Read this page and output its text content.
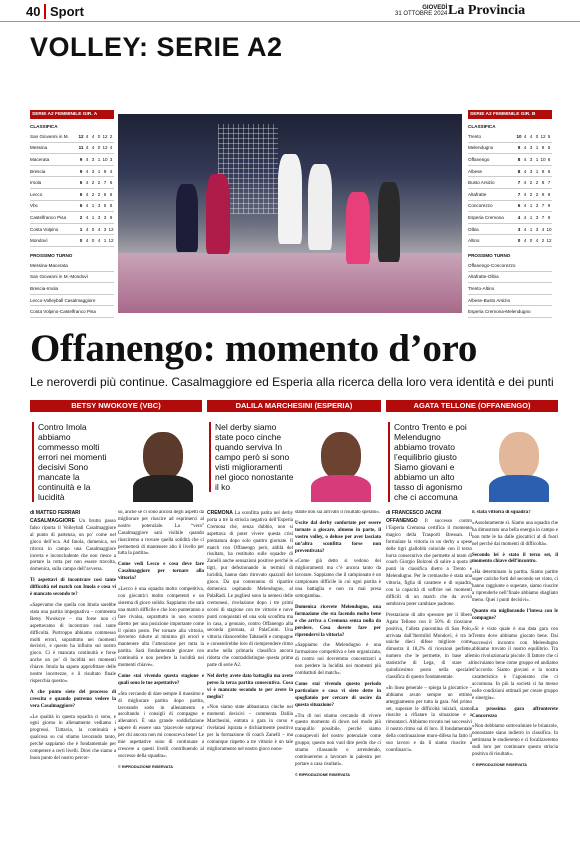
40 Sport	GIOVEDÌ
31 OTTOBRE 2024 La Provincia
VOLLEY: SERIE A2
SERIE A2 FEMMINILE GIR. A
CLASSIFICA
San Giovanni in M.	12 4 4 0 12 2
Messina	11 4 4 0 12 4
Macerata	9 4 3 1 10 3
Brescia	9 4 3 1 9 4
Imola	6 4 2 2 7 6
Lecco	6 4 2 2 6 6
Vbc	6 4 1 3 5 8
Castelfranco Pisa	2 4 1 3 3 9
Costa Volpino	1 4 0 4 3 12
Mondovì	0 4 0 4 1 12
PROSSIMO TURNO
Messina-Macerata
San Giovanni in M.-Mondovì
Brescia-Imola
Lecco-Volleyball Casalmaggiore
Costa Volpino-Castelfranco Pisa
SERIE A2 FEMMINILE GIR. B
CLASSIFICA
Trento	10 4 4 0 12 5
Melendugno	9 4 3 1 9 5
Offanengo	8 4 3 1 10 6
Albese	8 4 3 1 9 6
Busto Arsizio	7 4 2 2 8 7
Altafratte	7 4 2 2 9 8
Concorezzo	6 4 1 3 7 9
Esperia Cremona	4 4 1 3 7 9
Olbia	3 4 1 3 4 10
Altino	0 4 0 4 2 12
PROSSIMO TURNO
Offanengo-Concorezzo
Altafratte-Olbia
Trento-Altino
Albese-Busto Arsizio
Esperia Cremona-Melendugno
Offanengo: momento d’oro
Le neroverdi più continue. Casalmaggiore ed Esperia alla ricerca della loro vera identità e dei punti
BETSY NWOKOYE (VBC)	DALILA MARCHESINI (ESPERIA)	AGATA TELLONE (OFFANENGO)
Contro Imola abbiamo commesso molti errori nei momenti decisivi Sono mancate la continuità e la lucidità
Nel derby siamo state poco cinche quando serviva In campo però si sono visti miglioramenti nel gioco nonostante il ko
Contro Trento e poi Melendugno abbiamo trovato l’equilibrio giusto Siamo giovani e abbiamo un alto tasso di agonismo che ci accomuna
di MATTEO FERRARI	di FRANCESCO JACINI

CASALMAGGIORE Un brutto passo falso riporta il Volleyball Casalmaggiore al punto di partenza, un po’ come nel gioco dell’oca. Ad Imola, domenica, sei ritrova in campo una Casalmaggiore incerta e inconcludente che non riesce a portare la rotta per non essere travolta, domenica, sulla campo dell’avversa.

Ti aspettavi di incontrare così tante difficoltà nel match con Imola e cosa vi è mancato secondo te?

«Sapevamo che quella con Imola sarebbe stata una partita impegnativa – commenta Betsy Nwokoye – ma forse non ci aspettavamo di incontrare così tante difficoltà. Purtroppo abbiamo commesso molti errori, soprattutto nei momenti decisivi, e questo ha influito sul nostro gioco. Ci è mancata continuità e forse anche un po’ di lucidità nei momenti chiave. Imola ha saputo approfittare delle nostre incertezze, e il risultato finale rispecchia questo».

A che punto siete del processo di crescita e quando potremo vedere la vera Casalmaggiore?

«Le qualità in questa squadra ci sono, e ogni giorno in allenamento vediamo i progressi. Tuttavia, la continuità è qualcosa su cui stiamo lavorando tanto, perché sappiamo che è fondamentale per competere a certi livelli. Direi che siamo a buon punto del nostro percor-

so, anche se ci sono ancora degli aspetti da migliorare per riuscire ad esprimerci al nostro potenziale. La “vera” Casalmaggiore sarà visibile quando riusciremo a trovare quella solidità che ci permetterà di mantenere alto il livello per tutta la partita».

Come vedi Lecco e cosa deve fare Casalmaggiore per tornare alla vittoria?

«Lecco è una squadra molto competitiva, con giocatrici molto competenti e un sistema di gioco solido. Sappiamo che sarà una match difficile e che loro punteranno a fare rivalsa, soprattutto in uno scontro diretto per una posizione importante come il quinto posto. Per tornare alla vittoria, dovremo ridurre al minimo gli errori e mantenere alta l’attenzione per tutta la partita. Sarà fondamentale giocare con continuità e non perdere la lucidità nei momenti chiave».

Come stai vivendo questa stagione e quali sono le tue aspettative?

«Sto cercando di dare sempre il massimo e di migliorare partita dopo partita, lavorando sodo in allenamento e ascoltando i consigli di compagne e allenatori. È una grande soddisfazione sapere di essere una ‘piacevole sorpresa’ per chi ancora non mi conosceva bene! Le mie aspettative sono di continuare a crescere a questi livelli contribuendo al successo della squadra».

© RIPRODUZIONE RISERVATA

CREMONA La sconfitta patita nel derby porta a tre la striscia negativa dell’Esperia Cremona che, senza dubbio, non si aspettava di poter vivere questa crisi prematura dopo solo quattro giornate. Il match con Offanengo però, aldilà del risultato, ha restituito sulle squadre di Zanelli anche sensazioni positive perché le tigri, pur defezionando in termini di lucidità, hanno dato ritrovato spazzoli del gioco. Da qui conteranno di ripartire domenica ospitando Melendugno, al PalaRadi. Le pugliesi sono la nemesi delle cremonesi, rivelazione dopo i tre primi scorsi di stagione con tre vittorie e nove punti conquistati ed una sola sconfitta ma in casa, a gennaio, contro Offanengo alla seconda giornata, al PalaCoim. Una vittoria rilancerebbe Tabanelli e compagne e consentirebbe loro di riemprendere ritmo anche nella primaria classifica ancora ridotta che contraddistingue questa prima parte di serie A2.

Nel derby avete dato battaglia ma avete perso la terza partita consecutiva. Cosa vi è mancato secondo te per avere la meglio?

«Non siamo state abbastanza cinche nei momenti decisivi – commenta Dalila Marchesini, entrata a gara in corso e rivelatasi ispirata e dichiarmente positiva per la formazione di coach Zanelli – ma comunque rispetto a tre vittorie è un tale miglioramento nel nostro gioco nono-

stante non sia arrivato il risultato sperato».

Uscite dal derby confortate per essere tornate a giocare, almeno in parte, il vostro volley, o deluse per aver lasciato un’altra sconfitta forse non preventivata?

«Come già detto si vedono dei miglioramenti ma c’è ancora tanto da lavorare. Sappiamo che il campionato è un campionato difficile in cui ogni partita è una battaglia e non va mai presa sottogamba».

Domenica ricevete Melendugno, una formazione che sta facendo molto bene e che arriva a Cremona senza nulla da perdere. Cosa dovete fare per riprendervi la vittoria?

«Sappiamo che Melendugno è una formazione competitiva e ben organizzata, di contro noi dovremmo concentrarci a non perdere la lucidità nei momenti più combattuti del match».

Come stai vivendo questo periodo particolare e cosa vi siete dette in spogliatoio per cercare di uscire da questa situazione?

«Tra di noi stiamo cercando di vivere questo momento di down nel modo più tranquillo possibile, perché siamo consapevoli del nostro potenziale come gruppo; questo non vuol dire perdo che ci stiamo rilassando o arrendendo, continueremo a lavorare in palestra per portare a casa risultati».

© RIPRODUZIONE RISERVATA

OFFANENGO Il successo contro l’Esperia Cremona certifica il momento magico della Trasporti Bressan. Il formulare la vittoria in un derby a spese delle tigri gialloblù coincide con il terzo hurra consecutivo che permette al team di coach Giorgio Bolzoni di salire a quota 8 punti in classifica dietro a Trento e Melendugno. Per le cremasche è stata una vittoria, figlia di carattere e di squadra, con la capacità di soffrire nei momenti difficili di un match che da avvio sembrava poter cambiare padrone.

Prestazione di alto spessore per il libero Agata Tellone con il 50% di ricezione positiva, l’alleta piacentina di San Polo, arrivata dall’Itermilid Mondovì, è tra le uniche dieci difese migliore come dimostra il 18,2% di ricezioni perfette, numero che le permette, in base alle statistiche di Lega, di stare al quindicesimo posto nella speciale classifica di questo fondamentale.

«In linea generale – spiega la giocatrice – abbiamo avuto sempre un ottimo atteggiamento per tutta la gara. Nel primo set, superare le difficoltà iniziali, siamo riuscite a rifiatare la situazione e a rimontarci. Abbiamo trovato nei successivi il nostro ritmo sui di loro. Il fondamentale della continuazione muro-difesa ha fatto il suo lavoro e da lì siamo riuscite a coordinarci».

È stata vittoria di squadra?

«Assolutamente sì. Siamo una squadra che ha dimostrato una bella energia in campo e non tutte le ha dalle giocatrici al di fuori nel perché dai momenti di difficoltà».

Secondo lei è stato il terzo set, il momento chiave dell’incontro.

«Ha determinato la partita. Siamo partite super cariche forti del secondo set vinto, ci hanno raggiunte e superate, siamo riuscite a riprenderle nell’finale abbiamo sbagliato meno. Quei i punti decisivi».

Quanto sta migliorando l’intesa con le compagne?

«Si è visto quale è sua data gara con Trento dove abbiamo giocato bene. Dai successivi incontro con Melendugno abbiamo trovato il nostro equilibrio. Tra mio rivoluzionaria piscole. Il fattore che ci rincruiamo bene come gruppo ed andiamo d’accordo. Siamo giovani e la nostra caratteristica è l’agonismo che ci accomuna. In più la società ci ha messo nelle condizioni ottimali per creare gruppo e sinergia».

La prossima gara affronterete Concorezzo

«Non dobbiamo sottovalutare le brianzole, nonostante siano indietro in classifica. In settimana le studieremo e ci focalizzeremo sudi loro per continuare questa striscia positiva di risultati».

© RIPRODUZIONE RISERVATA
